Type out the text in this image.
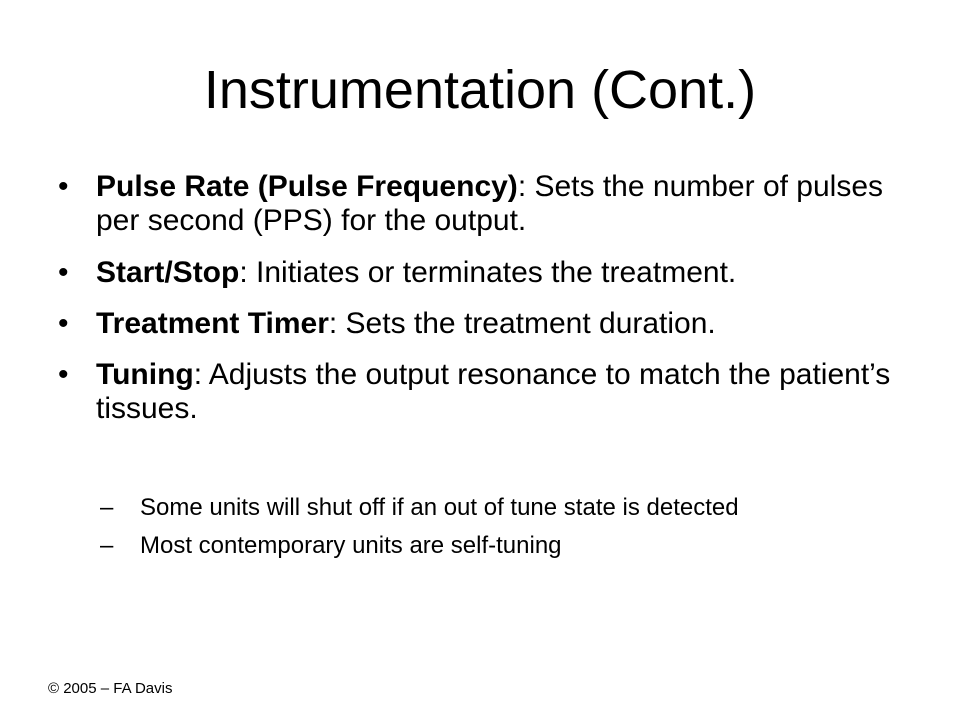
Instrumentation (Cont.)
• Pulse Rate (Pulse Frequency): Sets the number of pulses per second (PPS) for the output.
• Start/Stop: Initiates or terminates the treatment.
• Treatment Timer: Sets the treatment duration.
• Tuning: Adjusts the output resonance to match the patient’s tissues.
–	Some units will shut off if an out of tune state is detected
–	Most contemporary units are self-tuning
© 2005 – FA Davis
